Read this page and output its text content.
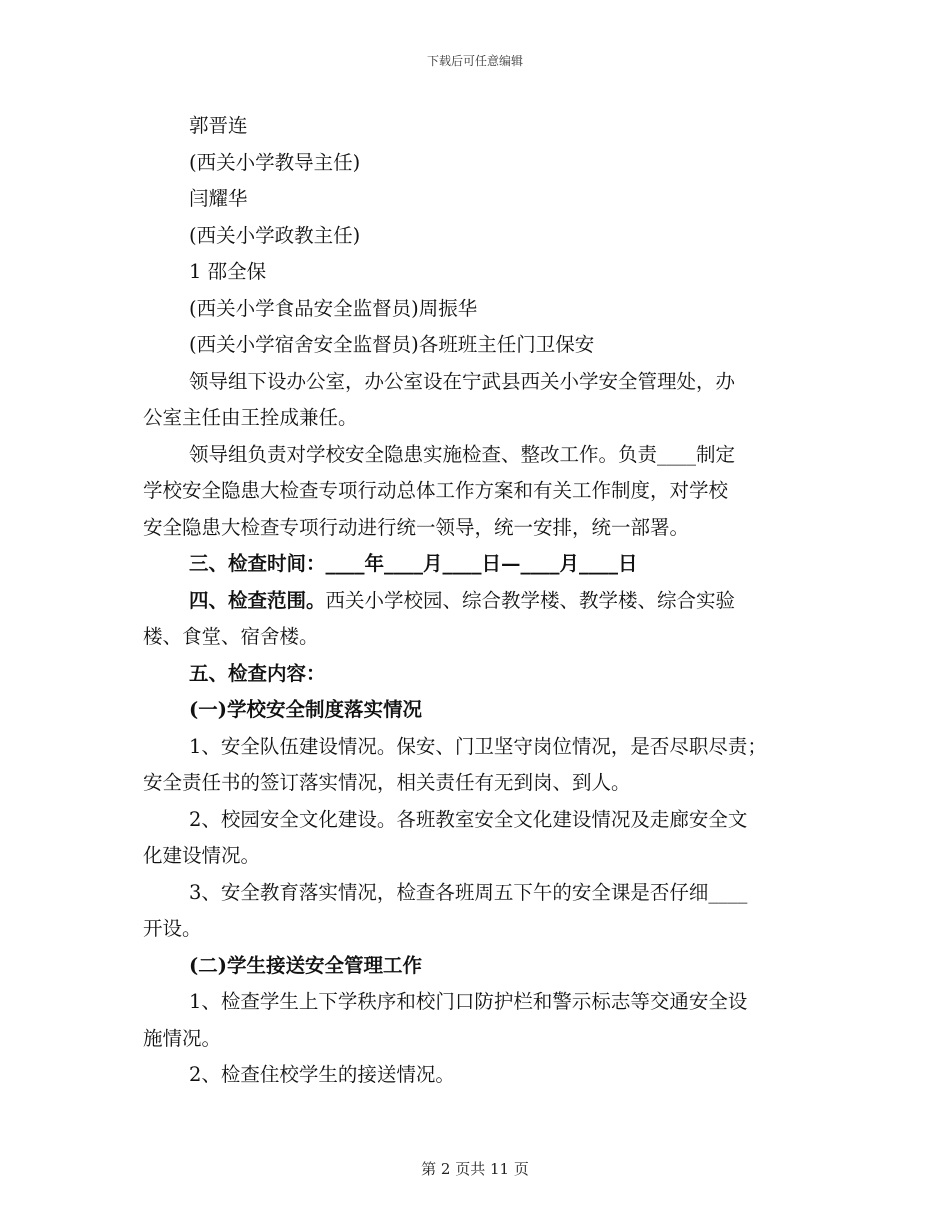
下载后可任意编辑
郭晋连
(西关小学教导主任)
闫耀华
(西关小学政教主任)
1 邵全保
(西关小学食品安全监督员)周振华
(西关小学宿舍安全监督员)各班班主任门卫保安
领导组下设办公室，办公室设在宁武县西关小学安全管理处，办
公室主任由王拴成兼任。
领导组负责对学校安全隐患实施检查、整改工作。负责____制定
学校安全隐患大检查专项行动总体工作方案和有关工作制度，对学校
安全隐患大检查专项行动进行统一领导，统一安排，统一部署。
三、检查时间：____年____月____日—____月____日
四、检查范围。西关小学校园、综合教学楼、教学楼、综合实验
楼、食堂、宿舍楼。
五、检查内容：
(一)学校安全制度落实情况
1、安全队伍建设情况。保安、门卫坚守岗位情况，是否尽职尽责；
安全责任书的签订落实情况，相关责任有无到岗、到人。
2、校园安全文化建设。各班教室安全文化建设情况及走廊安全文
化建设情况。
3、安全教育落实情况，检查各班周五下午的安全课是否仔细____
开设。
(二)学生接送安全管理工作
1、检查学生上下学秩序和校门口防护栏和警示标志等交通安全设
施情况。
2、检查住校学生的接送情况。
第 2 页共 11 页
